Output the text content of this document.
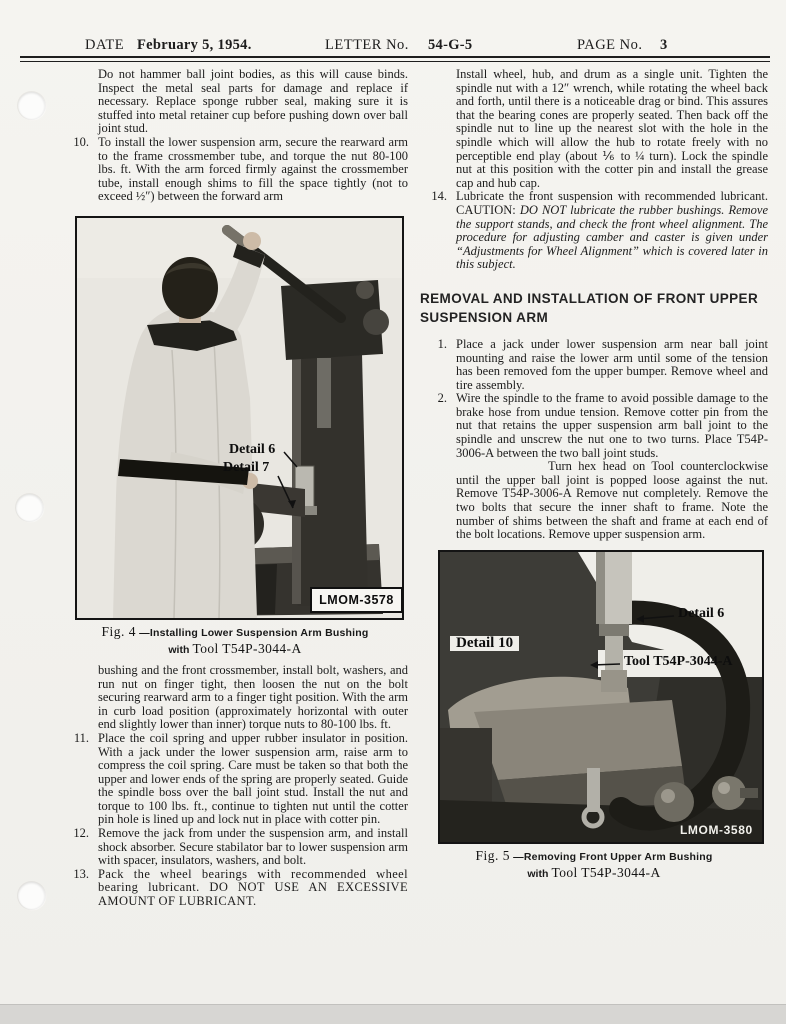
DATE February 5, 1954.	LETTER No. 54-G-5	PAGE No. 3

Do not hammer ball joint bodies, as this will cause binds. Inspect the metal seal parts for damage and replace if necessary. Replace sponge rubber seal, making sure it is stuffed into metal retainer cup before pushing down over ball joint stud.

10. To install the lower suspension arm, secure the rearward arm to the frame crossmember tube, and torque the nut 80-100 lbs. ft. With the arm forced firmly against the crossmember tube, install enough shims to fill the space tightly (not to exceed ½″) between the forward arm
Detail 6
Detail 7
LMOM-3578
Fig. 4 —Installing Lower Suspension Arm Bushing
with Tool T54P-3044-A

bushing and the front crossmember, install bolt, washers, and run nut on finger tight, then loosen the nut on the bolt securing rearward arm to a finger tight position. With the arm in curb load position (approximately horizontal with outer end slightly lower than inner) torque nuts to 80-100 lbs. ft.

11. Place the coil spring and upper rubber insulator in position. With a jack under the lower suspension arm, raise arm to compress the coil spring. Care must be taken so that both the upper and lower ends of the spring are properly seated. Guide the spindle boss over the ball joint stud. Install the nut and torque to 100 lbs. ft., continue to tighten nut until the cotter pin hole is lined up and lock nut in place with cotter pin.
12. Remove the jack from under the suspension arm, and install shock absorber. Secure stabilator bar to lower suspension arm with spacer, insulators, washers, and bolt.
13. Pack the wheel bearings with recommended wheel bearing lubricant. DO NOT USE AN EXCESSIVE AMOUNT OF LUBRICANT.

Install wheel, hub, and drum as a single unit. Tighten the spindle nut with a 12″ wrench, while rotating the wheel back and forth, until there is a noticeable drag or bind. This assures that the bearing cones are properly seated. Then back off the spindle nut to line up the nearest slot with the hole in the spindle which will allow the hub to rotate freely with no perceptible end play (about ⅙ to ¼ turn). Lock the spindle nut at this position with the cotter pin and install the grease cap and hub cap.

14. Lubricate the front suspension with recommended lubricant. CAUTION: DO NOT lubricate the rubber bushings. Remove the support stands, and check the front wheel alignment. The procedure for adjusting camber and caster is given under “Adjustments for Wheel Alignment” which is covered later in this subject.
REMOVAL AND INSTALLATION OF FRONT UPPER SUSPENSION ARM
1. Place a jack under lower suspension arm near ball joint mounting and raise the lower arm until some of the tension has been removed fom the upper bumper. Remove wheel and tire assembly.
2. Wire the spindle to the frame to avoid possible damage to the brake hose from undue tension. Remove cotter pin from the nut that retains the upper suspension arm ball joint to the spindle and unscrew the nut one to two turns. Place T54P-3006-A between the two ball joint studs.
Turn hex head on Tool counterclockwise until the upper ball joint is popped loose against the nut. Remove T54P-3006-A Remove nut completely. Remove the two bolts that secure the inner shaft to frame. Note the number of shims between the shaft and frame at each end of the bolt locations. Remove upper suspension arm.
Detail 10
Detail 6
Tool T54P-3044-A
LMOM-3580
Fig. 5 —Removing Front Upper Arm Bushing
with Tool T54P-3044-A
